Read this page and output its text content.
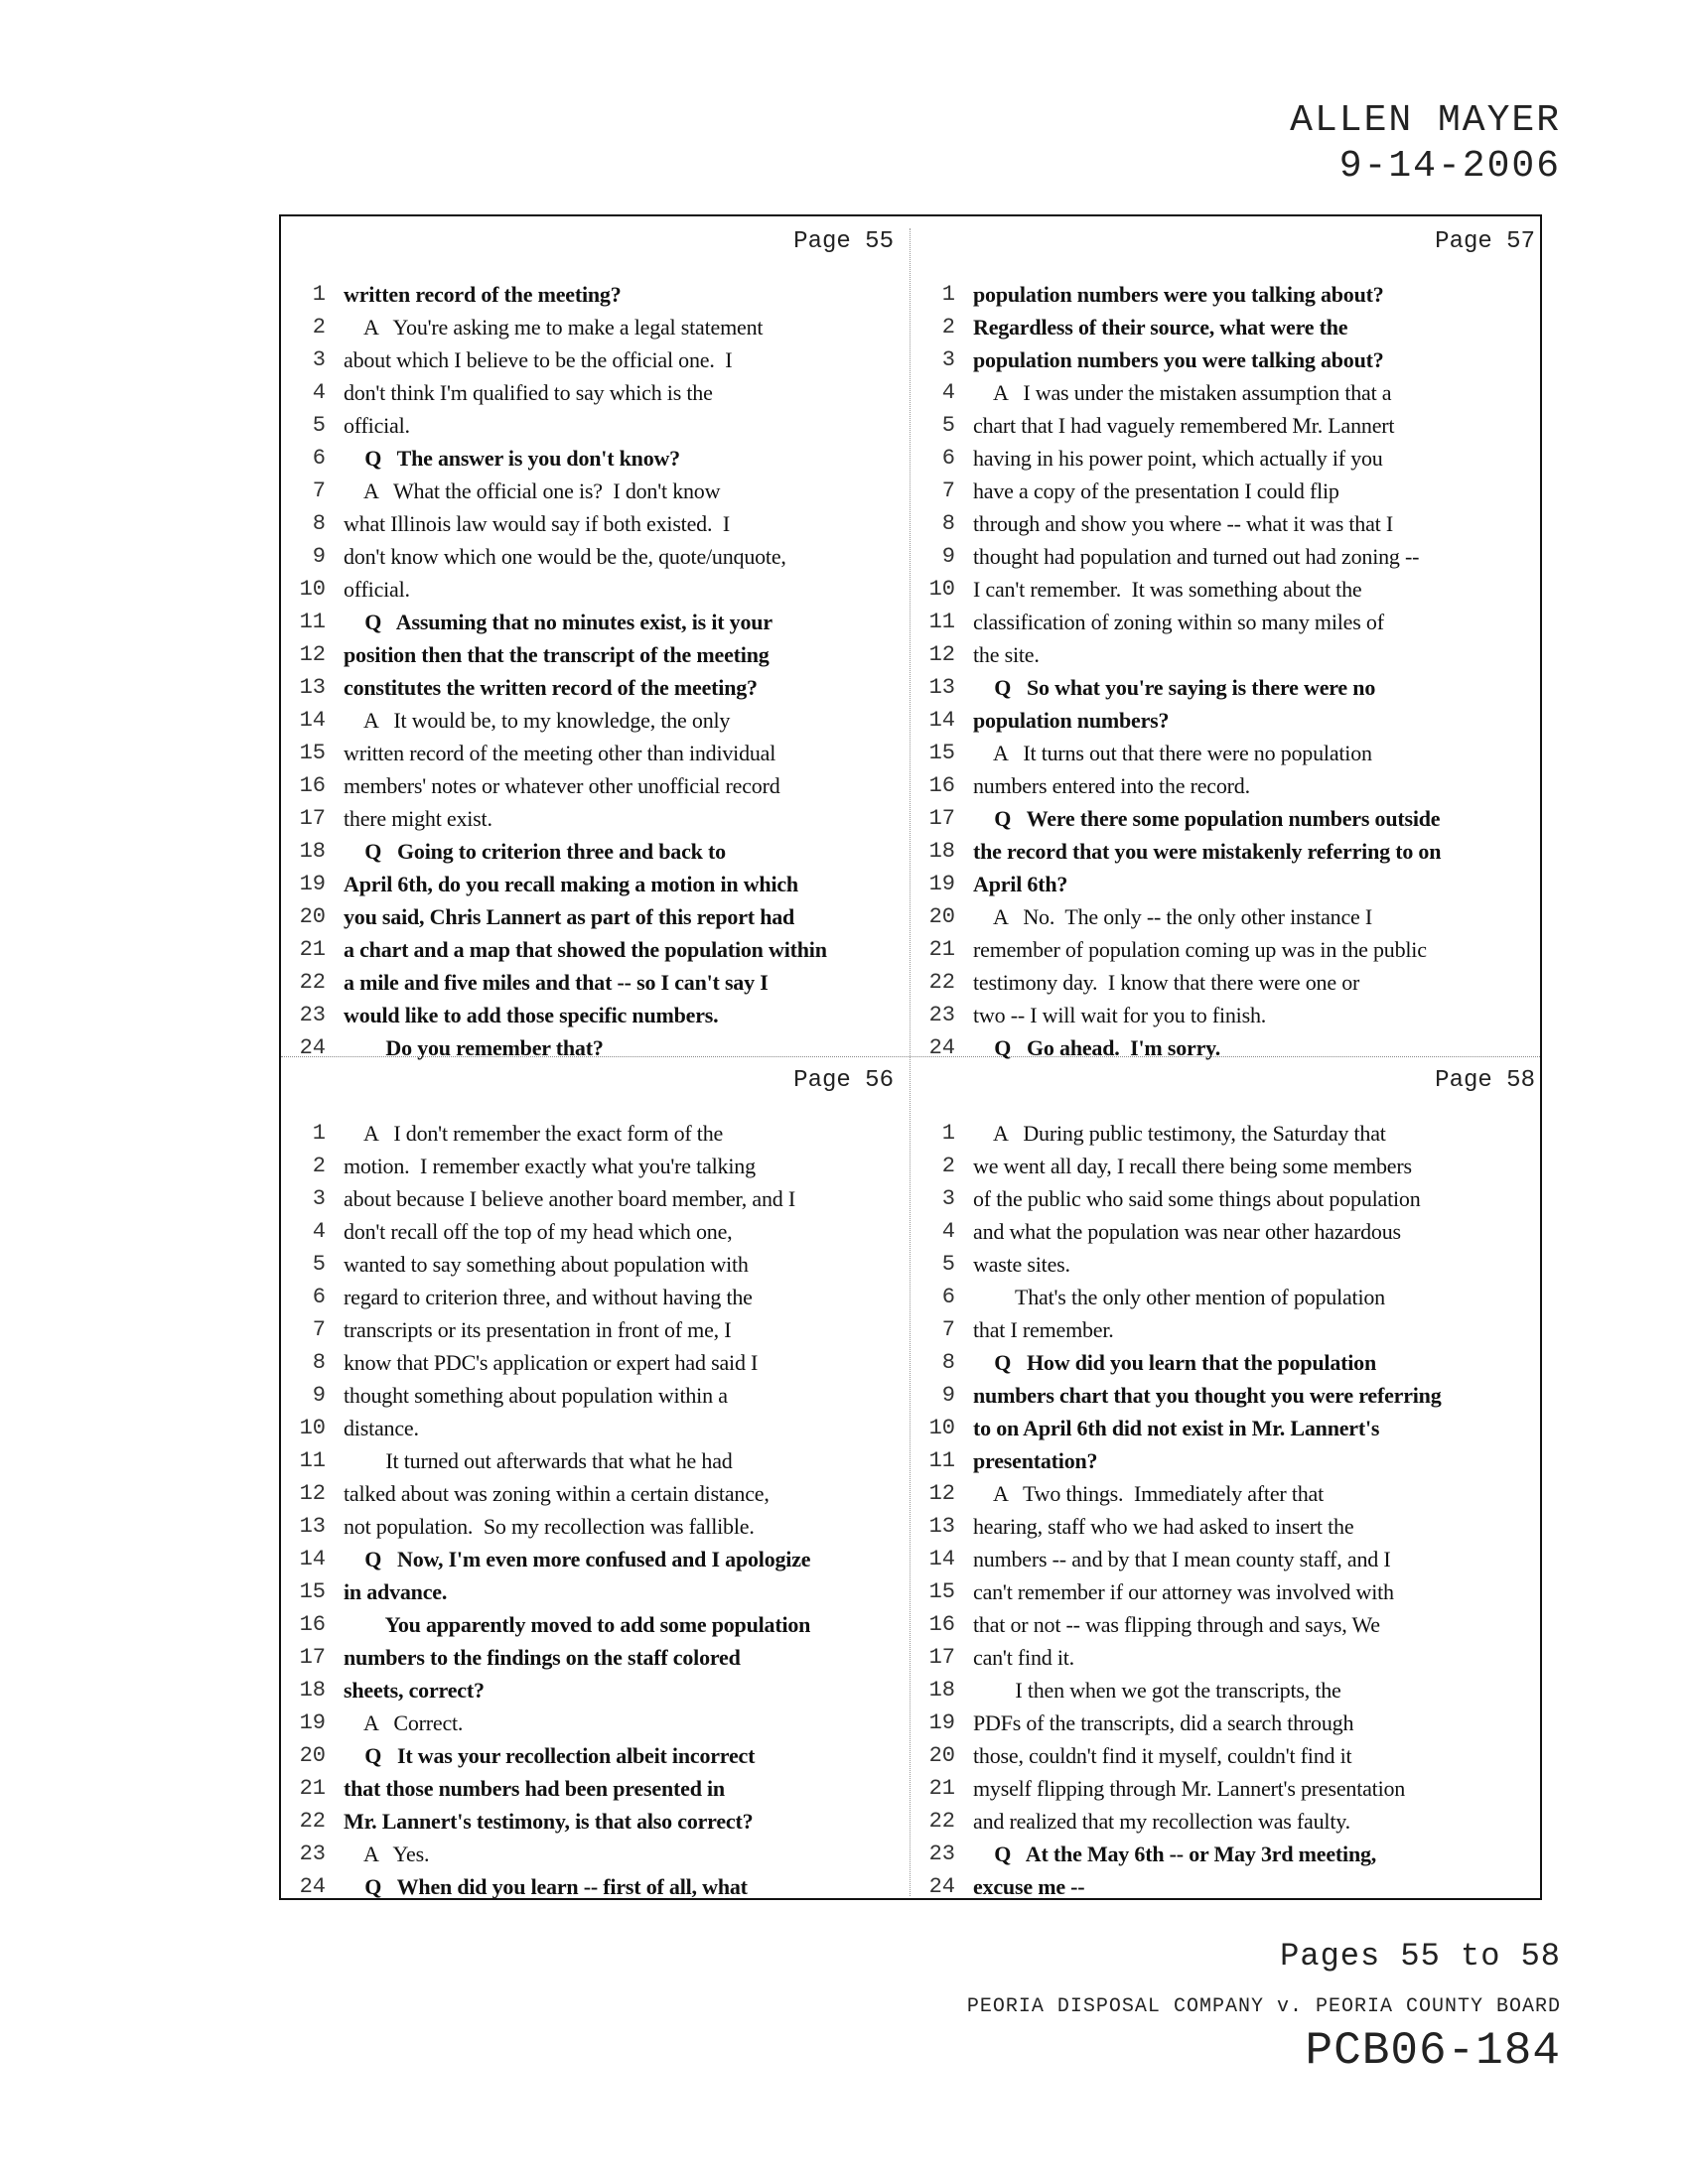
ALLEN MAYER
9-14-2006
Page 55
1 written record of the meeting?
2 A   You're asking me to make a legal statement
3 about which I believe to be the official one.  I
4 don't think I'm qualified to say which is the
5 official.
6 Q   The answer is you don't know?
7 A   What the official one is?  I don't know
8 what Illinois law would say if both existed.  I
9 don't know which one would be the, quote/unquote,
10 official.
11 Q   Assuming that no minutes exist, is it your
12 position then that the transcript of the meeting
13 constitutes the written record of the meeting?
14 A   It would be, to my knowledge, the only
15 written record of the meeting other than individual
16 members' notes or whatever other unofficial record
17 there might exist.
18 Q   Going to criterion three and back to
19 April 6th, do you recall making a motion in which
20 you said, Chris Lannert as part of this report had
21 a chart and a map that showed the population within
22 a mile and five miles and that -- so I can't say I
23 would like to add those specific numbers.
24 Do you remember that?
Page 57
1 population numbers were you talking about?
2 Regardless of their source, what were the
3 population numbers you were talking about?
4 A   I was under the mistaken assumption that a
5 chart that I had vaguely remembered Mr. Lannert
6 having in his power point, which actually if you
7 have a copy of the presentation I could flip
8 through and show you where -- what it was that I
9 thought had population and turned out had zoning --
10 I can't remember.  It was something about the
11 classification of zoning within so many miles of
12 the site.
13 Q   So what you're saying is there were no
14 population numbers?
15 A   It turns out that there were no population
16 numbers entered into the record.
17 Q   Were there some population numbers outside
18 the record that you were mistakenly referring to on
19 April 6th?
20 A   No.  The only -- the only other instance I
21 remember of population coming up was in the public
22 testimony day.  I know that there were one or
23 two -- I will wait for you to finish.
24 Q   Go ahead.  I'm sorry.
Page 56
1 A   I don't remember the exact form of the
2 motion.  I remember exactly what you're talking
3 about because I believe another board member, and I
4 don't recall off the top of my head which one,
5 wanted to say something about population with
6 regard to criterion three, and without having the
7 transcripts or its presentation in front of me, I
8 know that PDC's application or expert had said I
9 thought something about population within a
10 distance.
11 It turned out afterwards that what he had
12 talked about was zoning within a certain distance,
13 not population.  So my recollection was fallible.
14 Q   Now, I'm even more confused and I apologize
15 in advance.
16 You apparently moved to add some population
17 numbers to the findings on the staff colored
18 sheets, correct?
19 A   Correct.
20 Q   It was your recollection albeit incorrect
21 that those numbers had been presented in
22 Mr. Lannert's testimony, is that also correct?
23 A   Yes.
24 Q   When did you learn -- first of all, what
Page 58
1 A   During public testimony, the Saturday that
2 we went all day, I recall there being some members
3 of the public who said some things about population
4 and what the population was near other hazardous
5 waste sites.
6 That's the only other mention of population
7 that I remember.
8 Q   How did you learn that the population
9 numbers chart that you thought you were referring
10 to on April 6th did not exist in Mr. Lannert's
11 presentation?
12 A   Two things.  Immediately after that
13 hearing, staff who we had asked to insert the
14 numbers -- and by that I mean county staff, and I
15 can't remember if our attorney was involved with
16 that or not -- was flipping through and says, We
17 can't find it.
18 I then when we got the transcripts, the
19 PDFs of the transcripts, did a search through
20 those, couldn't find it myself, couldn't find it
21 myself flipping through Mr. Lannert's presentation
22 and realized that my recollection was faulty.
23 Q   At the May 6th -- or May 3rd meeting,
24 excuse me --
Pages 55 to 58
PEORIA DISPOSAL COMPANY v. PEORIA COUNTY BOARD
PCB06-184
